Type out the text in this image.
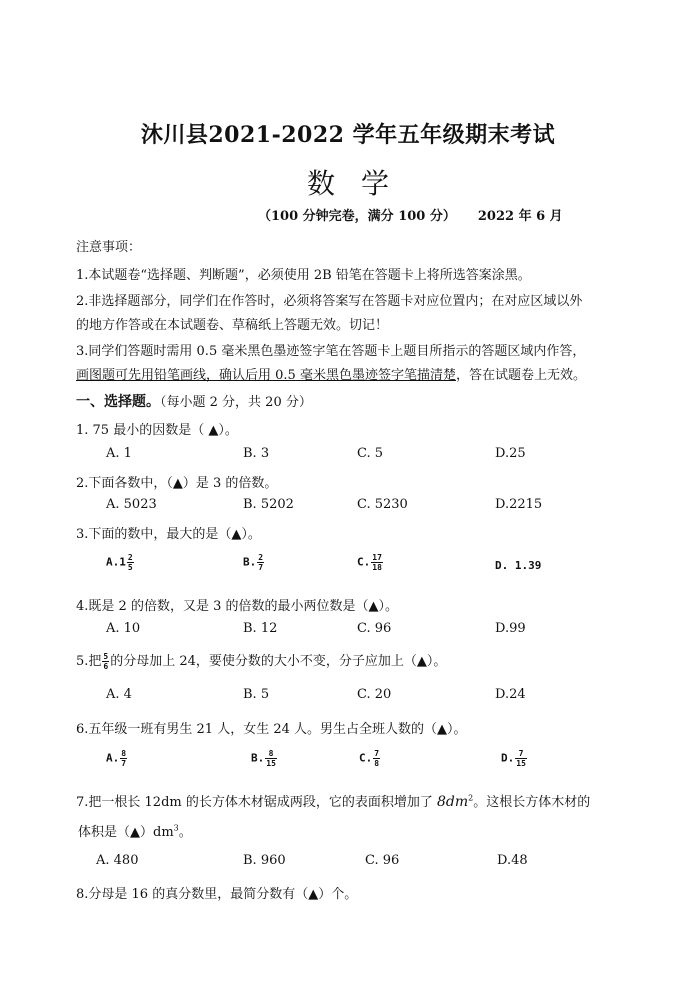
沐川县2021-2022 学年五年级期末考试
数学
（100 分钟完卷，满分 100 分） 2022 年 6 月
注意事项：
1.本试题卷“选择题、判断题”，必须使用 2B 铅笔在答题卡上将所选答案涂黑。
2.非选择题部分，同学们在作答时，必须将答案写在答题卡对应位置内；在对应区域以外
的地方作答或在本试题卷、草稿纸上答题无效。切记！
3.同学们答题时需用 0.5 毫米黑色墨迹签字笔在答题卡上题目所指示的答题区域内作答，
画图题可先用铅笔画线，确认后用 0.5 毫米黑色墨迹签字笔描清楚，答在试题卷上无效。
一、选择题。（每小题 2 分，共 20 分）
1. 75 最小的因数是（ ▲）。
A. 1	B. 3	C. 5	D.25
2.下面各数中，（▲）是 3 的倍数。
A. 5023	B. 5202	C. 5230	D.2215
3.下面的数中，最大的是（▲）。
$A.1 \frac{2}{5}$	B. $\frac{2}{7}$	C. $\frac{17}{18}$	D. 1.39
4.既是 2 的倍数，又是 3 的倍数的最小两位数是（▲）。
A. 10	B. 12	C. 96	D.99
5.把 $\frac{5}{6}$ 的分母加上 24，要使分数的大小不变，分子应加上（▲）。
A. 4	B. 5	C. 20	D.24
6.五年级一班有男生 21 人，女生 24 人。男生占全班人数的（▲）。
A. $\frac{8}{7}$	B. $\frac{8}{15}$	C. $\frac{7}{8}$	D. $\frac{7}{15}$
7.把一根长 12dm 的长方体木材锯成两段，它的表面积增加了 $8dm^2$。这根长方体木材的
体积是$(▲)dm^3$。
A. 480	B. 960	C. 96	D.48
8.分母是 16 的真分数里，最简分数有（▲）个。
